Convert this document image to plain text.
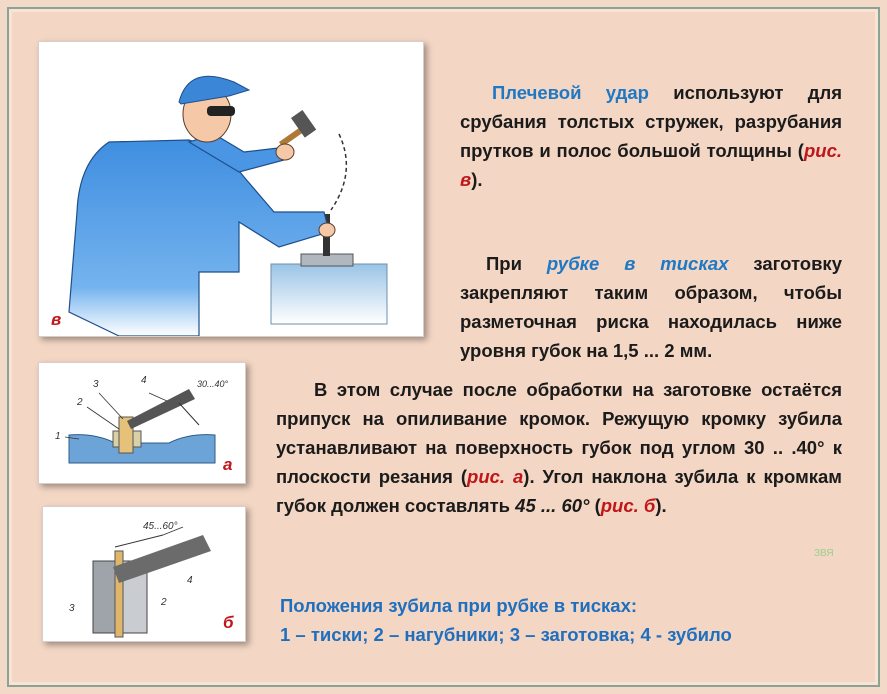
в
30...40°
1
2
3	4
а
45...60°
2
3
4
б
Плечевой удар используют для срубания толстых стружек, разрубания прутков и полос большой толщины (рис. в).
При рубке в тисках заготовку закрепляют таким образом, чтобы разметочная риска находилась ниже уровня губок на 1,5 ... 2 мм.
В этом случае после обработки на заготовке остаётся припуск на опиливание кромок. Режущую кромку зубила устанавливают на поверхность губок под углом 30 .. .40° к плоскости резания (рис. а). Угол наклона зубила к кромкам губок должен составлять 45 ... 60° (рис. б).
ЗВЯ
Положения зубила при рубке в тисках:
1 – тиски; 2 – нагубники; 3 – заготовка; 4 - зубило
